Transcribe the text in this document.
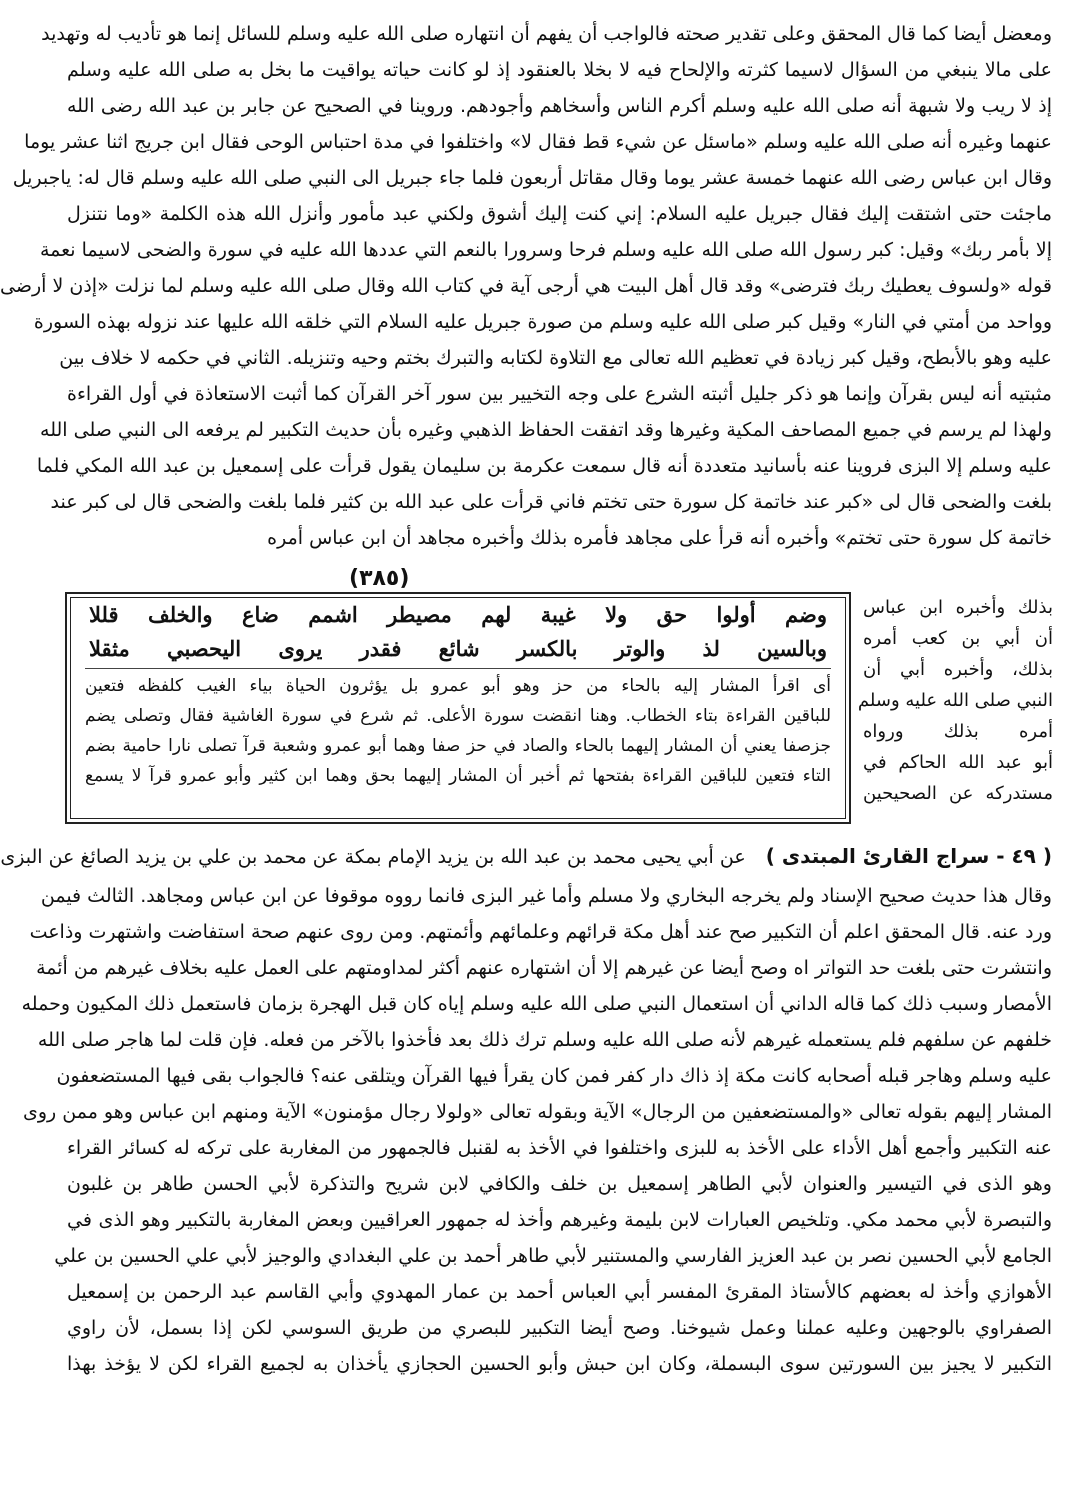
ومعضل أيضا كما قال المحقق وعلى تقدير صحته فالواجب أن يفهم أن انتهاره صلى الله عليه وسلم للسائل إنما هو تأديب له وتهديد
على مالا ينبغي من السؤال لاسيما كثرته والإلحاح فيه لا بخلا بالعنقود إذ لو كانت حياته يواقيت ما بخل به صلى الله عليه وسلم
إذ لا ريب ولا شبهة أنه صلى الله عليه وسلم أكرم الناس وأسخاهم وأجودهم. وروينا في الصحيح عن جابر بن عبد الله رضى الله
عنهما وغيره أنه صلى الله عليه وسلم «ماسئل عن شيء قط فقال لا» واختلفوا في مدة احتباس الوحى فقال ابن جريج اثنا عشر يوما
وقال ابن عباس رضى الله عنهما خمسة عشر يوما وقال مقاتل أربعون فلما جاء جبريل الى النبي صلى الله عليه وسلم قال له: ياجبريل
ماجئت حتى اشتقت إليك فقال جبريل عليه السلام: إني كنت إليك أشوق ولكني عبد مأمور وأنزل الله هذه الكلمة «وما نتنزل
إلا بأمر ربك» وقيل: كبر رسول الله صلى الله عليه وسلم فرحا وسرورا بالنعم التي عددها الله عليه في سورة والضحى لاسيما نعمة
قوله «ولسوف يعطيك ربك فترضى» وقد قال أهل البيت هي أرجى آية في كتاب الله وقال صلى الله عليه وسلم لما نزلت «إذن لا أرضى
وواحد من أمتي في النار» وقيل كبر صلى الله عليه وسلم من صورة جبريل عليه السلام التي خلقه الله عليها عند نزوله بهذه السورة
عليه وهو بالأبطح، وقيل كبر زيادة في تعظيم الله تعالى مع التلاوة لكتابه والتبرك بختم وحيه وتنزيله. الثاني في حكمه لا خلاف بين
مثبتيه أنه ليس بقرآن وإنما هو ذكر جليل أثبته الشرع على وجه التخيير بين سور آخر القرآن كما أثبت الاستعاذة في أول القراءة
ولهذا لم يرسم في جميع المصاحف المكية وغيرها وقد اتفقت الحفاظ الذهبي وغيره بأن حديث التكبير لم يرفعه الى النبي صلى الله
عليه وسلم إلا البزى فروينا عنه بأسانيد متعددة أنه قال سمعت عكرمة بن سليمان يقول قرأت على إسمعيل بن عبد الله المكي فلما
بلغت والضحى قال لى «كبر عند خاتمة كل سورة حتى تختم فاني قرأت على عبد الله بن كثير فلما بلغت والضحى قال لى كبر عند
خاتمة كل سورة حتى تختم» وأخبره أنه قرأ على مجاهد فأمره بذلك وأخبره مجاهد أن ابن عباس أمره
(٣٨٥)
بذلك وأخبره ابن عباس
أن أبي بن كعب أمره
بذلك، وأخبره أبي أن
النبي صلى الله عليه وسلم
أمره بذلك ورواه
أبو عبد الله الحاكم في
مستدركه عن الصحيحين
وضم أولوا حق ولا غيبة لهم مصيطر اشمم ضاع والخلف قللا
وبالسين لذ والوتر بالكسر شائع فقدر يروى اليحصبي مثقلا
أى اقرأ المشار إليه بالحاء من حز وهو أبو عمرو بل يؤثرون الحياة بياء الغيب كلفظه فتعين
للباقين القراءة بتاء الخطاب. وهنا انقضت سورة الأعلى. ثم شرع في سورة الغاشية فقال وتصلى يضم
جزصفا يعني أن المشار إليهما بالحاء والصاد في حز صفا وهما أبو عمرو وشعبة قرآ تصلى نارا حامية بضم
التاء فتعين للباقين القراءة بفتحها ثم أخبر أن المشار إليهما بحق وهما ابن كثير وأبو عمرو قرآ لا يسمع
( ٤٩ - سراج القارئ المبتدى ) عن أبي يحيى محمد بن عبد الله بن يزيد الإمام بمكة عن محمد بن علي بن يزيد الصائغ عن البزى
وقال هذا حديث صحيح الإسناد ولم يخرجه البخاري ولا مسلم وأما غير البزى فانما رووه موقوفا عن ابن عباس ومجاهد. الثالث فيمن
ورد عنه. قال المحقق اعلم أن التكبير صح عند أهل مكة قرائهم وعلمائهم وأئمتهم. ومن روى عنهم صحة استفاضت واشتهرت وذاعت
وانتشرت حتى بلغت حد التواتر اه وصح أيضا عن غيرهم إلا أن اشتهاره عنهم أكثر لمداومتهم على العمل عليه بخلاف غيرهم من أئمة
الأمصار وسبب ذلك كما قاله الداني أن استعمال النبي صلى الله عليه وسلم إياه كان قبل الهجرة بزمان فاستعمل ذلك المكيون وحمله
خلفهم عن سلفهم فلم يستعمله غيرهم لأنه صلى الله عليه وسلم ترك ذلك بعد فأخذوا بالآخر من فعله. فإن قلت لما هاجر صلى الله
عليه وسلم وهاجر قبله أصحابه كانت مكة إذ ذاك دار كفر فمن كان يقرأ فيها القرآن ويتلقى عنه؟ فالجواب بقى فيها المستضعفون
المشار إليهم بقوله تعالى «والمستضعفين من الرجال» الآية وبقوله تعالى «ولولا رجال مؤمنون» الآية ومنهم ابن عباس وهو ممن روى
عنه التكبير وأجمع أهل الأداء على الأخذ به للبزى واختلفوا في الأخذ به لقنبل فالجمهور من المغاربة على تركه له كسائر القراء
وهو الذى في التيسير والعنوان لأبي الطاهر إسمعيل بن خلف والكافي لابن شريح والتذكرة لأبي الحسن طاهر بن غلبون
والتبصرة لأبي محمد مكي. وتلخيص العبارات لابن بليمة وغيرهم وأخذ له جمهور العراقيين وبعض المغاربة بالتكبير وهو الذى في
الجامع لأبي الحسين نصر بن عبد العزيز الفارسي والمستنير لأبي طاهر أحمد بن علي البغدادي والوجيز لأبي علي الحسين بن علي
الأهوازي وأخذ له بعضهم كالأستاذ المقرئ المفسر أبي العباس أحمد بن عمار المهدوي وأبي القاسم عبد الرحمن بن إسمعيل
الصفراوي بالوجهين وعليه عملنا وعمل شيوخنا. وصح أيضا التكبير للبصري من طريق السوسي لكن إذا بسمل، لأن راوي
التكبير لا يجيز بين السورتين سوى البسملة، وكان ابن حبش وأبو الحسين الحجازي يأخذان به لجميع القراء لكن لا يؤخذ بهذا
